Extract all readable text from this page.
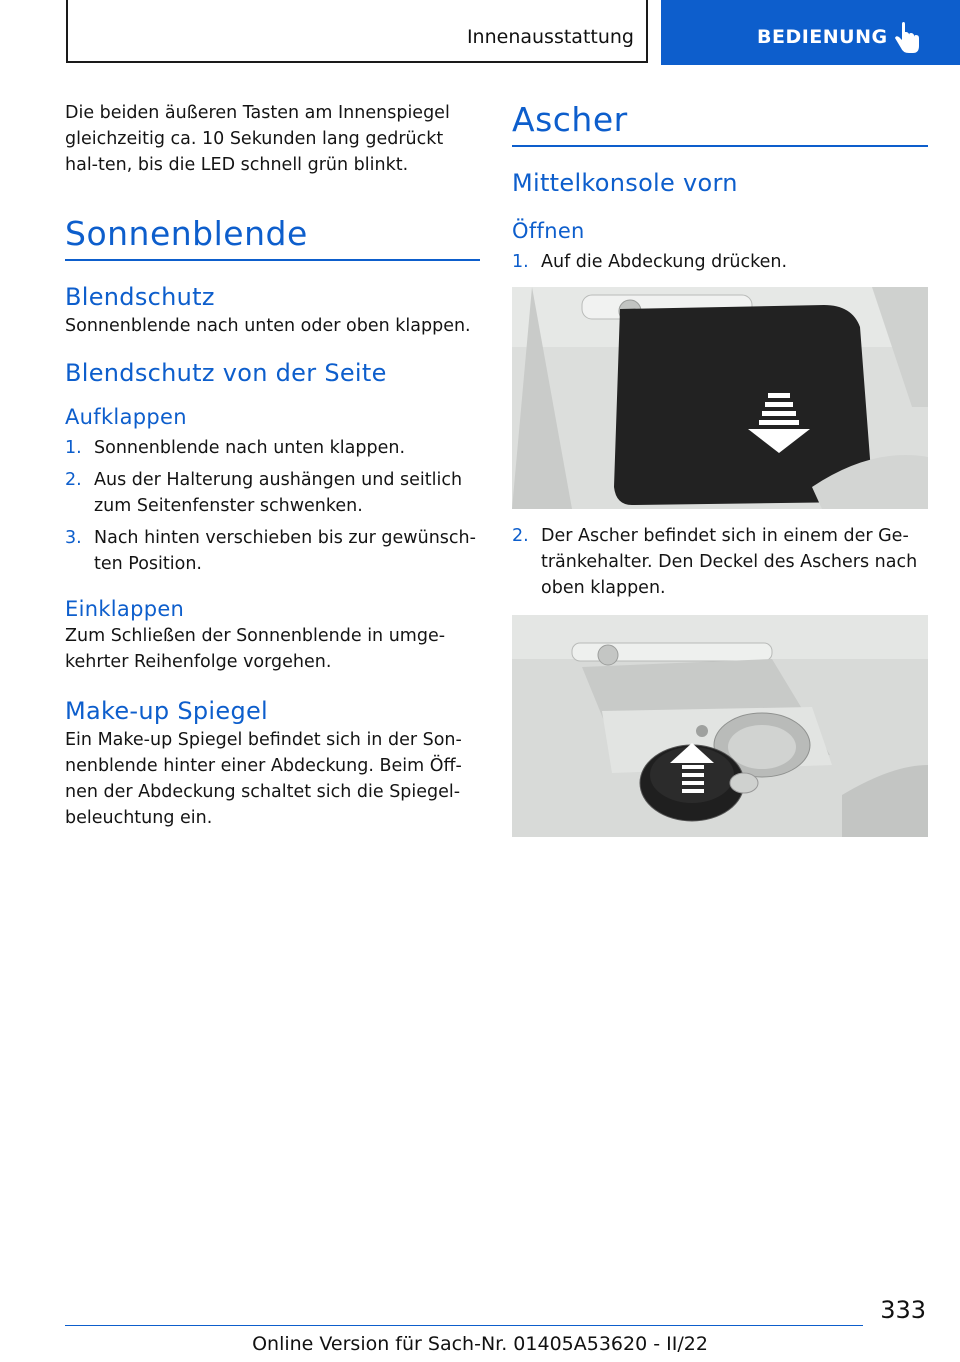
Innenausstattung	BEDIENUNG

Die beiden äußeren Tasten am Innenspiegel gleichzeitig ca. 10 Sekunden lang gedrückt hal-ten, bis die LED schnell grün blinkt.

Sonnenblende
Blendschutz

Sonnenblende nach unten oder oben klappen.

Blendschutz von der Seite
Aufklappen
1. Sonnenblende nach unten klappen.
2. Aus der Halterung aushängen und seitlich zum Seitenfenster schwenken.
3. Nach hinten verschieben bis zur gewünsch-ten Position.
Einklappen

Zum Schließen der Sonnenblende in umge-kehrter Reihenfolge vorgehen.

Make-up Spiegel

Ein Make-up Spiegel befindet sich in der Son-nenblende hinter einer Abdeckung. Beim Öff-nen der Abdeckung schaltet sich die Spiegel-beleuchtung ein.

Ascher
Mittelkonsole vorn
Öffnen
1. Auf die Abdeckung drücken.
2. Der Ascher befindet sich in einem der Ge-tränkehalter. Den Deckel des Aschers nach oben klappen.
333
Online Version für Sach-Nr. 01405A53620 - II/22
